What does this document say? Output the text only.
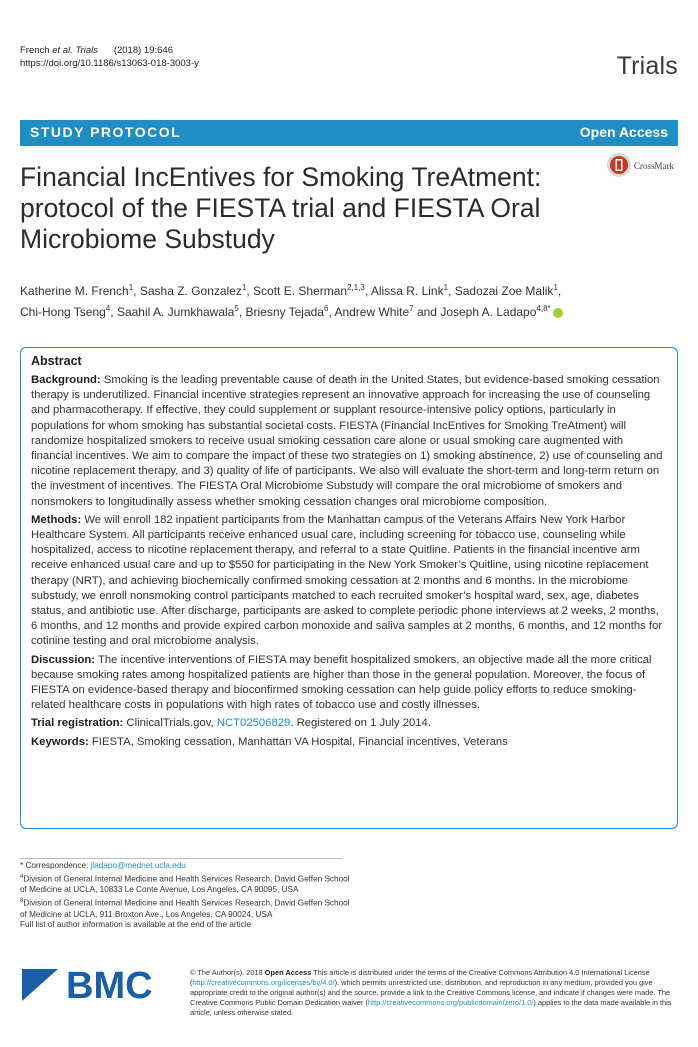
French et al. Trials (2018) 19:646
https://doi.org/10.1186/s13063-018-3003-y	Trials
STUDY PROTOCOL	Open Access
Financial IncEntives for Smoking TreAtment: protocol of the FIESTA trial and FIESTA Oral Microbiome Substudy
CrossMark
Katherine M. French$^1$, Sasha Z. Gonzalez$^1$, Scott E. Sherman$^{2,1,3}$, Alissa R. Link$^1$, Sadozai Zoe Malik$^1$,
Chi-Hong Tseng$^4$, Saahil A. Jumkhawala$^5$, Briesny Tejada$^6$, Andrew White$^7$ and Joseph A. Ladapo$^{4,8*}$
Abstract

Background: Smoking is the leading preventable cause of death in the United States, but evidence-based smoking cessation therapy is underutilized. Financial incentive strategies represent an innovative approach for increasing the use of counseling and pharmacotherapy. If effective, they could supplement or supplant resource-intensive policy options, particularly in populations for whom smoking has substantial societal costs. FIESTA (Financial IncEntives for Smoking TreAtment) will randomize hospitalized smokers to receive usual smoking cessation care alone or usual smoking care augmented with financial incentives. We aim to compare the impact of these two strategies on 1) smoking abstinence, 2) use of counseling and nicotine replacement therapy, and 3) quality of life of participants. We also will evaluate the short-term and long-term return on the investment of incentives. The FIESTA Oral Microbiome Substudy will compare the oral microbiome of smokers and nonsmokers to longitudinally assess whether smoking cessation changes oral microbiome composition.

Methods: We will enroll 182 inpatient participants from the Manhattan campus of the Veterans Affairs New York Harbor Healthcare System. All participants receive enhanced usual care, including screening for tobacco use, counseling while hospitalized, access to nicotine replacement therapy, and referral to a state Quitline. Patients in the financial incentive arm receive enhanced usual care and up to $550 for participating in the New York Smoker’s Quitline, using nicotine replacement therapy (NRT), and achieving biochemically confirmed smoking cessation at 2 months and 6 months. In the microbiome substudy, we enroll nonsmoking control participants matched to each recruited smoker’s hospital ward, sex, age, diabetes status, and antibiotic use. After discharge, participants are asked to complete periodic phone interviews at 2 weeks, 2 months, 6 months, and 12 months and provide expired carbon monoxide and saliva samples at 2 months, 6 months, and 12 months for cotinine testing and oral microbiome analysis.

Discussion: The incentive interventions of FIESTA may benefit hospitalized smokers, an objective made all the more critical because smoking rates among hospitalized patients are higher than those in the general population. Moreover, the focus of FIESTA on evidence-based therapy and bioconfirmed smoking cessation can help guide policy efforts to reduce smoking-related healthcare costs in populations with high rates of tobacco use and costly illnesses.

Trial registration: ClinicalTrials.gov, NCT02506829. Registered on 1 July 2014.

Keywords: FIESTA, Smoking cessation, Manhattan VA Hospital, Financial incentives, Veterans

* Correspondence: jladapo@mednet.ucla.edu

$^4$Division of General Internal Medicine and Health Services Research, David Geffen School of Medicine at UCLA, 10833 Le Conte Avenue, Los Angeles, CA 90095, USA

$^8$Division of General Internal Medicine and Health Services Research, David Geffen School of Medicine at UCLA, 911 Broxton Ave., Los Angeles, CA 90024, USA

Full list of author information is available at the end of the article

BMC	© The Author(s). 2018 Open Access This article is distributed under the terms of the Creative Commons Attribution 4.0 International License (http://creativecommons.org/licenses/by/4.0/), which permits unrestricted use, distribution, and reproduction in any medium, provided you give appropriate credit to the original author(s) and the source, provide a link to the Creative Commons license, and indicate if changes were made. The Creative Commons Public Domain Dedication waiver (http://creativecommons.org/publicdomain/zero/1.0/) applies to the data made available in this article, unless otherwise stated.
